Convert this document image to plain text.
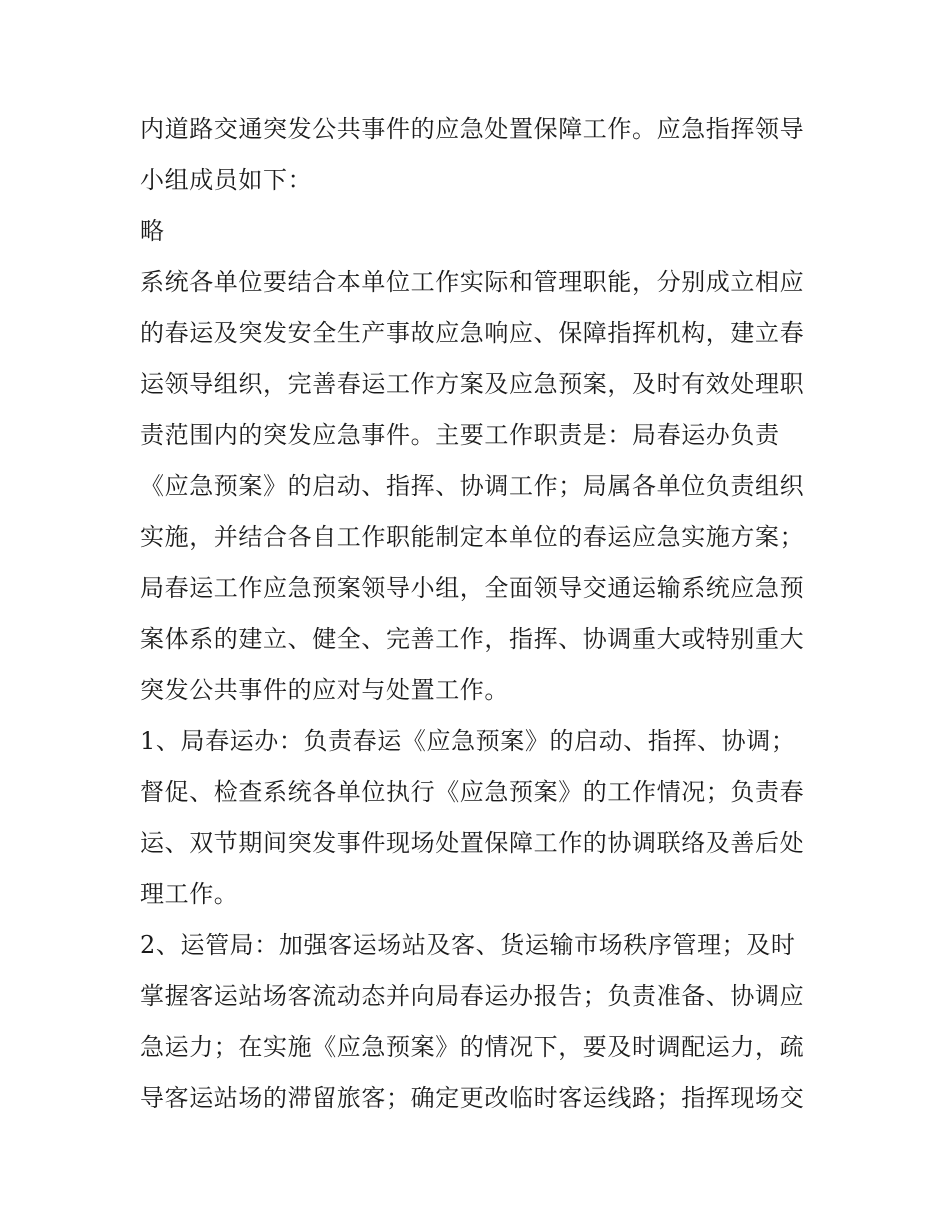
内道路交通突发公共事件的应急处置保障工作。应急指挥领导
小组成员如下：
略
系统各单位要结合本单位工作实际和管理职能，分别成立相应
的春运及突发安全生产事故应急响应、保障指挥机构，建立春
运领导组织，完善春运工作方案及应急预案，及时有效处理职
责范围内的突发应急事件。主要工作职责是：局春运办负责
《应急预案》的启动、指挥、协调工作；局属各单位负责组织
实施，并结合各自工作职能制定本单位的春运应急实施方案；
局春运工作应急预案领导小组，全面领导交通运输系统应急预
案体系的建立、健全、完善工作，指挥、协调重大或特别重大
突发公共事件的应对与处置工作。
1、局春运办：负责春运《应急预案》的启动、指挥、协调；
督促、检查系统各单位执行《应急预案》的工作情况；负责春
运、双节期间突发事件现场处置保障工作的协调联络及善后处
理工作。
2、运管局：加强客运场站及客、货运输市场秩序管理；及时
掌握客运站场客流动态并向局春运办报告；负责准备、协调应
急运力；在实施《应急预案》的情况下，要及时调配运力，疏
导客运站场的滞留旅客；确定更改临时客运线路；指挥现场交
